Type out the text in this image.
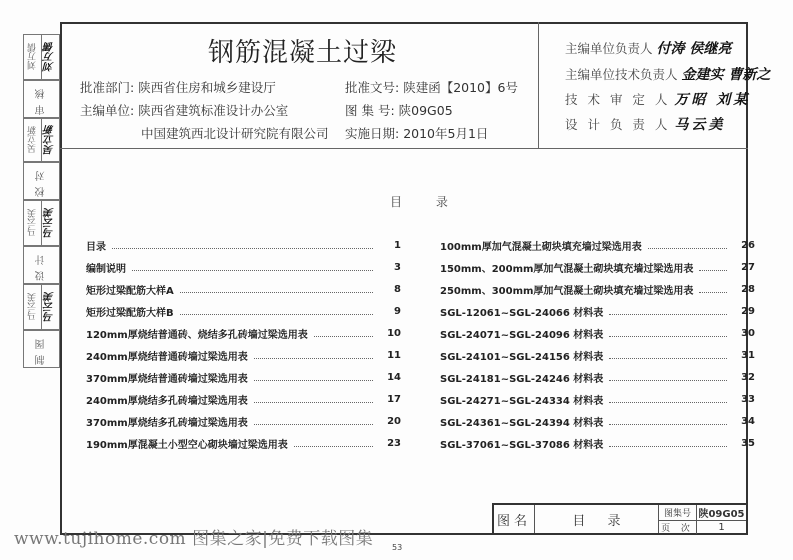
刘万儒 刘万儒
审核
吴立新 吴立新
校对
马云美 马云美
设计
马云美 马云美
制图
钢筋混凝土过梁
批准部门: 陕西省住房和城乡建设厅
主编单位: 陕西省建筑标准设计办公室
中国建筑西北设计研究院有限公司
批准文号: 陕建函【2010】6号
图 集 号: 陕09G05
实施日期: 2010年5月1日
主编单位负责人 付涛 侯继亮
主编单位技术负责人 金建实 曹新之
技 术 审 定 人 万昭 刘某
设 计 负 责 人 马云美
目 录
目录	1
编制说明	3
矩形过梁配筋大样A	8
矩形过梁配筋大样B	9
120mm厚烧结普通砖、烧结多孔砖墙过梁选用表	10
240mm厚烧结普通砖墙过梁选用表	11
370mm厚烧结普通砖墙过梁选用表	14
240mm厚烧结多孔砖墙过梁选用表	17
370mm厚烧结多孔砖墙过梁选用表	20
190mm厚混凝土小型空心砌块墙过梁选用表	23
100mm厚加气混凝土砌块填充墙过梁选用表	26
150mm、200mm厚加气混凝土砌块填充墙过梁选用表	27
250mm、300mm厚加气混凝土砌块填充墙过梁选用表	28
SGL-12061~SGL-24066 材料表	29
SGL-24071~SGL-24096 材料表	30
SGL-24101~SGL-24156 材料表	31
SGL-24181~SGL-24246 材料表	32
SGL-24271~SGL-24334 材料表	33
SGL-24361~SGL-24394 材料表	34
SGL-37061~SGL-37086 材料表	35
图名	目 录	图集号 陕09G05
页 次	1
www.tujihome.com 图集之家|免费下载图集 53
